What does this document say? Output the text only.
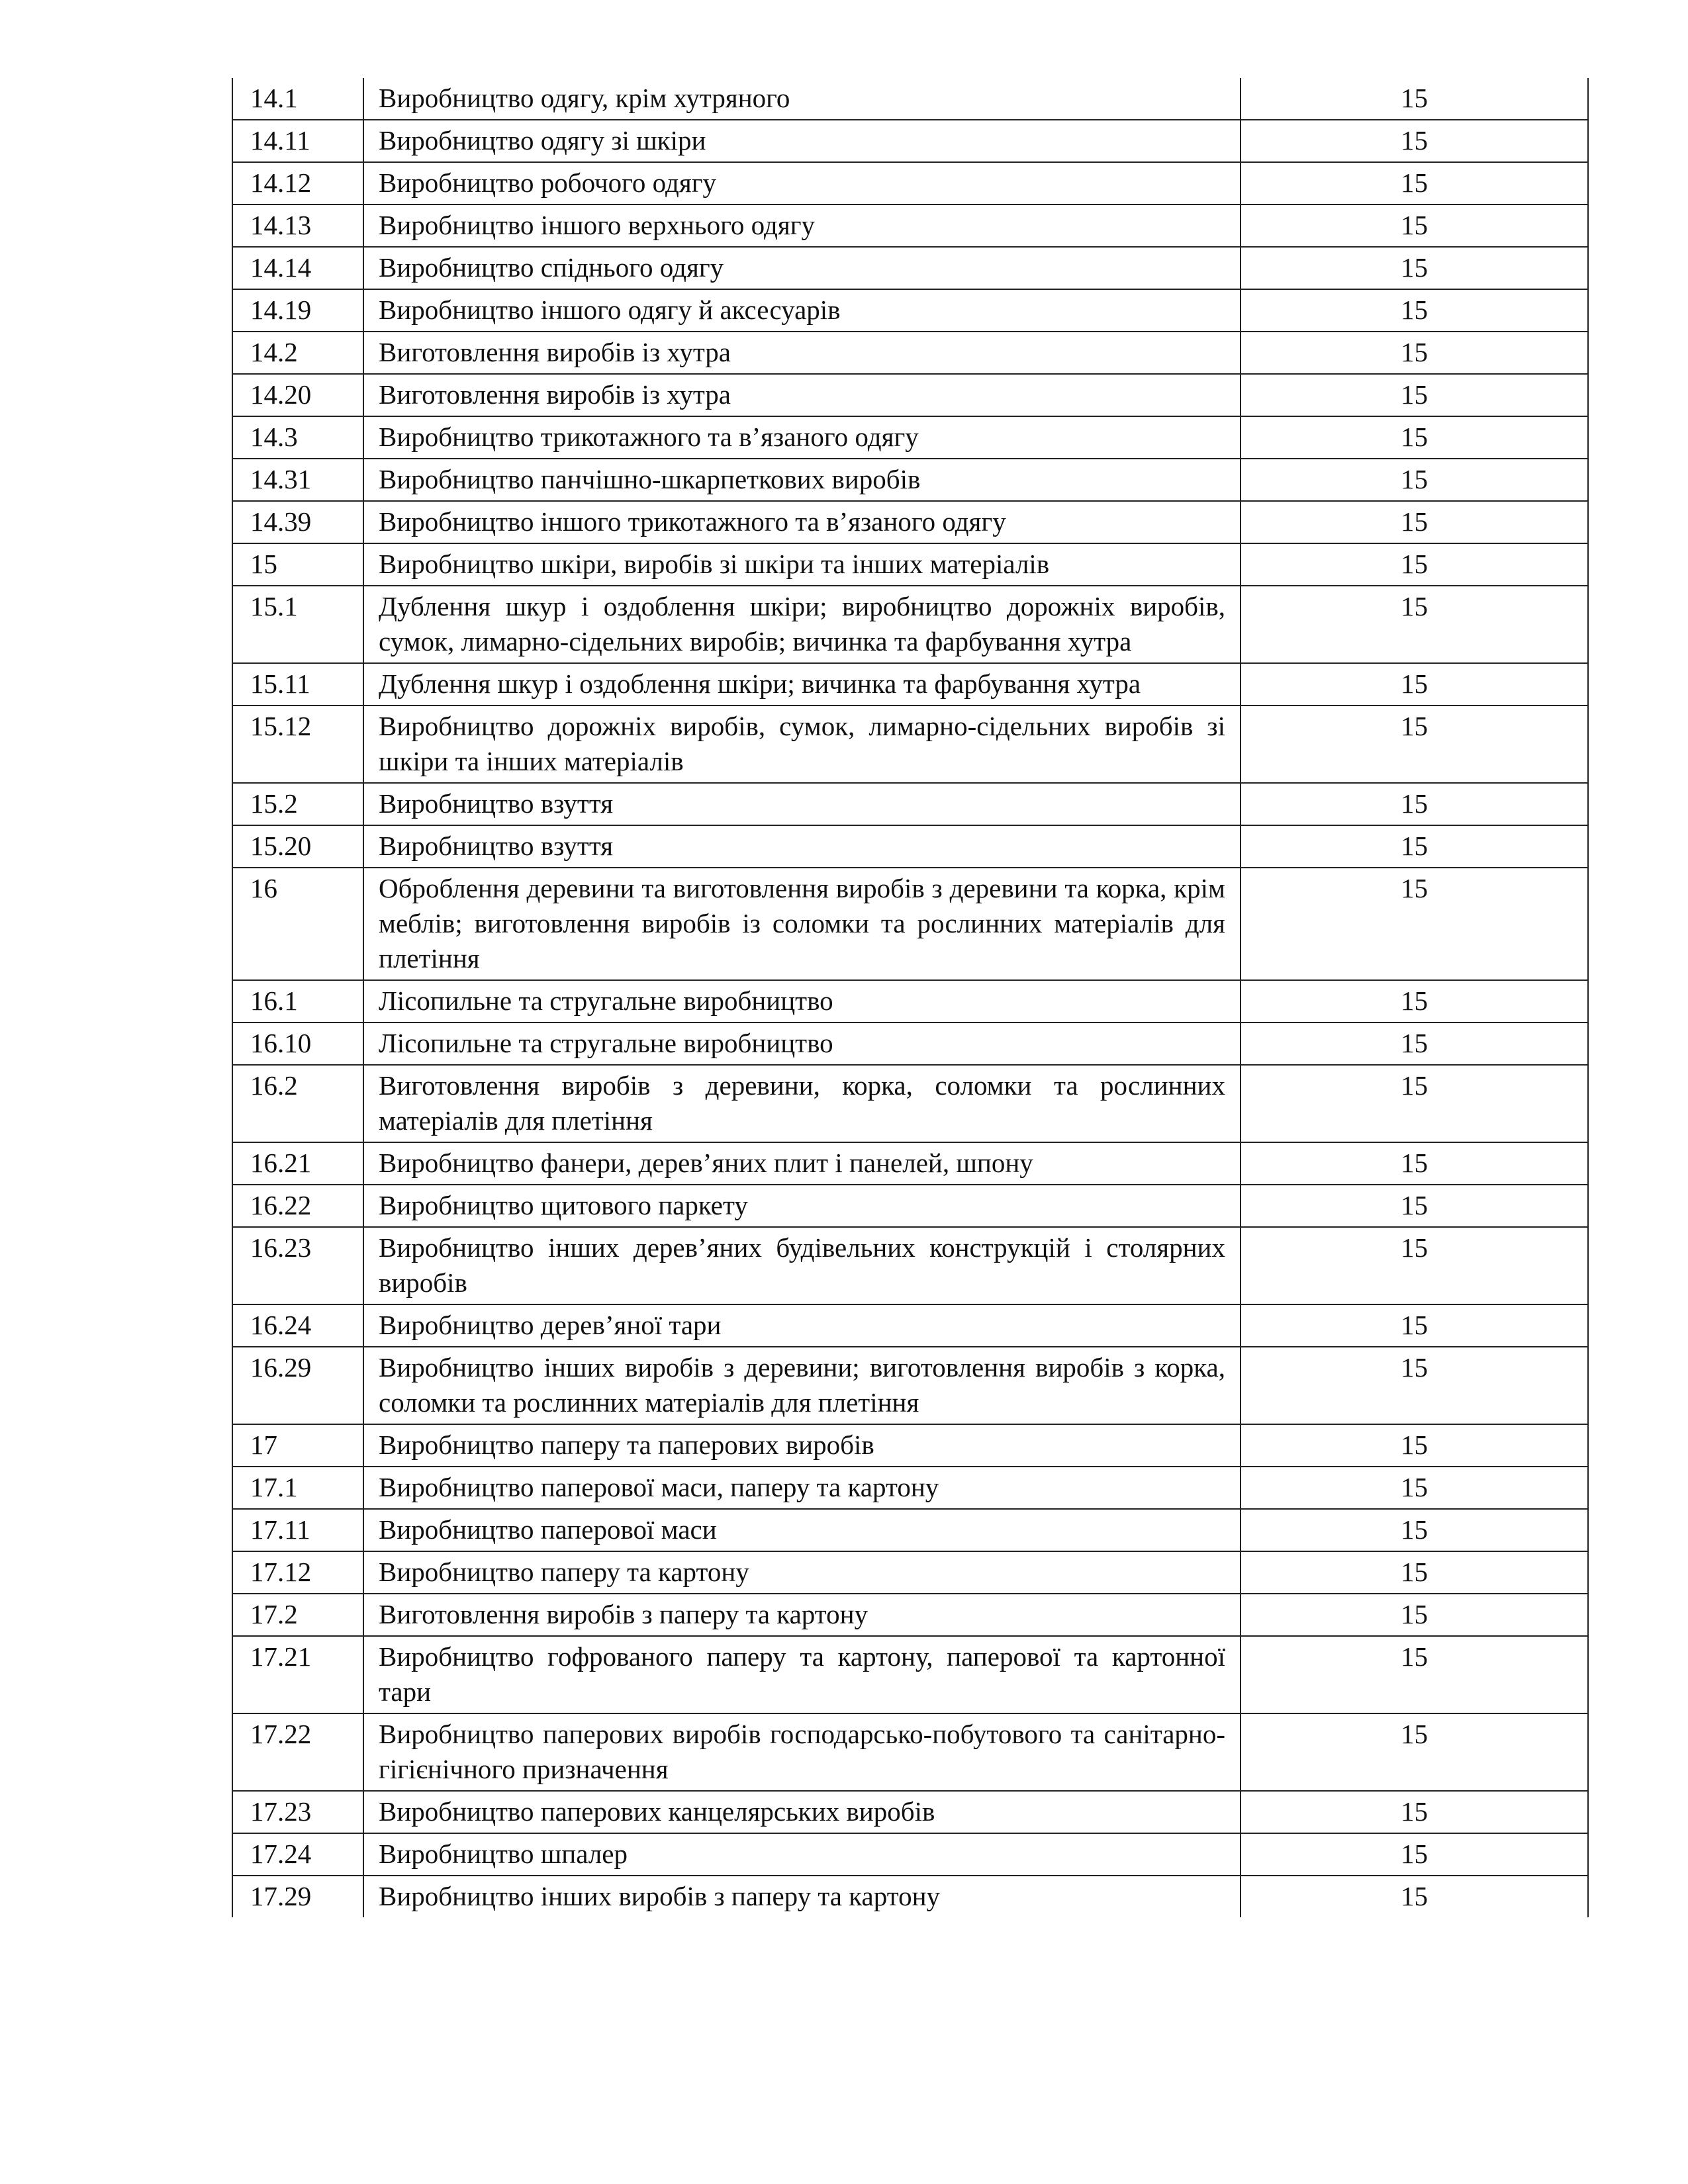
14.1	Виробництво одягу, крім хутряного	15
14.11	Виробництво одягу зі шкіри	15
14.12	Виробництво робочого одягу	15
14.13	Виробництво іншого верхнього одягу	15
14.14	Виробництво спіднього одягу	15
14.19	Виробництво іншого одягу й аксесуарів	15
14.2	Виготовлення виробів із хутра	15
14.20	Виготовлення виробів із хутра	15
14.3	Виробництво трикотажного та в’язаного одягу	15
14.31	Виробництво панчішно-шкарпеткових виробів	15
14.39	Виробництво іншого трикотажного та в’язаного одягу	15
15	Виробництво шкіри, виробів зі шкіри та інших матеріалів	15
15.1	Дублення шкур і оздоблення шкіри; виробництво дорожніх виробів, сумок, лимарно-сідельних виробів; вичинка та фарбування хутра	15
15.11	Дублення шкур і оздоблення шкіри; вичинка та фарбування хутра	15
15.12	Виробництво дорожніх виробів, сумок, лимарно-сідельних виробів зі шкіри та інших матеріалів	15
15.2	Виробництво взуття	15
15.20	Виробництво взуття	15
16	Оброблення деревини та виготовлення виробів з деревини та корка, крім меблів; виготовлення виробів із соломки та рослинних матеріалів для плетіння	15
16.1	Лісопильне та стругальне виробництво	15
16.10	Лісопильне та стругальне виробництво	15
16.2	Виготовлення виробів з деревини, корка, соломки та рослинних матеріалів для плетіння	15
16.21	Виробництво фанери, дерев’яних плит і панелей, шпону	15
16.22	Виробництво щитового паркету	15
16.23	Виробництво інших дерев’яних будівельних конструкцій і столярних виробів	15
16.24	Виробництво дерев’яної тари	15
16.29	Виробництво інших виробів з деревини; виготовлення виробів з корка, соломки та рослинних матеріалів для плетіння	15
17	Виробництво паперу та паперових виробів	15
17.1	Виробництво паперової маси, паперу та картону	15
17.11	Виробництво паперової маси	15
17.12	Виробництво паперу та картону	15
17.2	Виготовлення виробів з паперу та картону	15
17.21	Виробництво гофрованого паперу та картону, паперової та картонної тари	15
17.22	Виробництво паперових виробів господарсько-побутового та санітарно-гігієнічного призначення	15
17.23	Виробництво паперових канцелярських виробів	15
17.24	Виробництво шпалер	15
17.29	Виробництво інших виробів з паперу та картону	15
